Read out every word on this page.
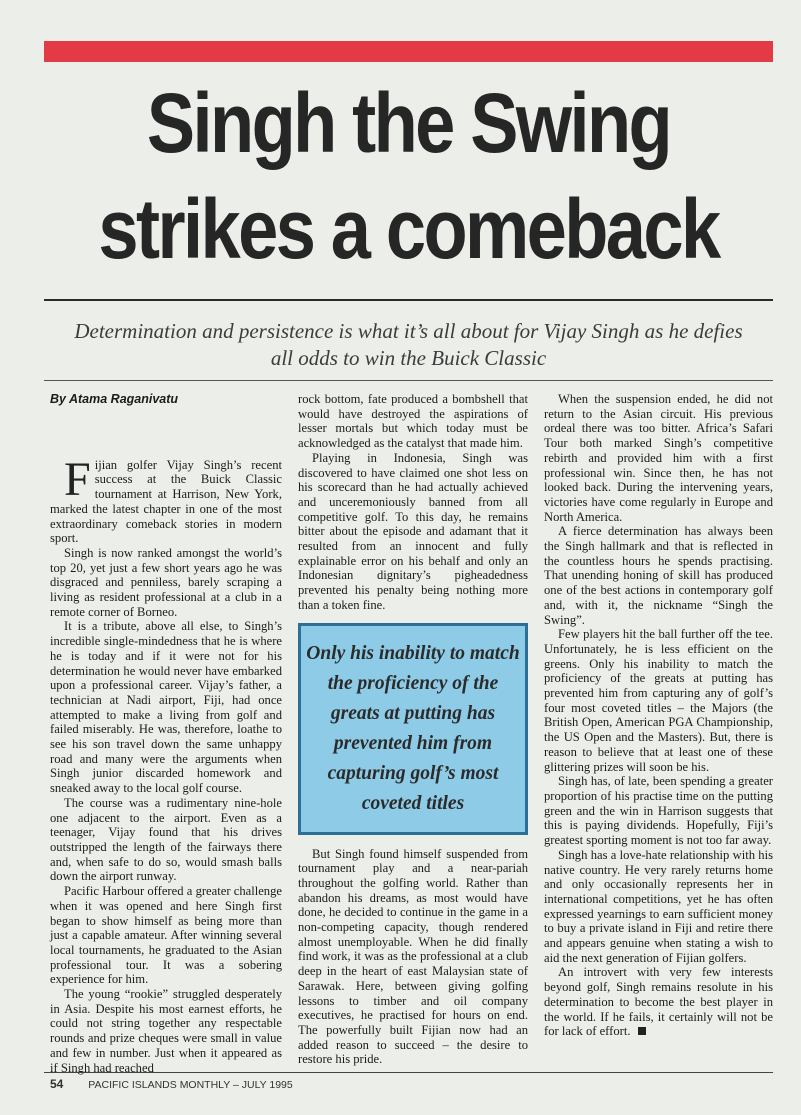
Singh the Swing
strikes a comeback
Determination and persistence is what it’s all about for Vijay Singh as he defies
all odds to win the Buick Classic
By Atama Raganivatu

Fijian golfer Vijay Singh’s recent success at the Buick Classic tournament at Harrison, New York, marked the latest chapter in one of the most extraordinary comeback stories in modern sport.

Singh is now ranked amongst the world’s top 20, yet just a few short years ago he was disgraced and penniless, barely scraping a living as resident professional at a club in a remote corner of Borneo.

It is a tribute, above all else, to Singh’s incredible single-mindedness that he is where he is today and if it were not for his determination he would never have embarked upon a professional career. Vijay’s father, a technician at Nadi airport, Fiji, had once attempted to make a living from golf and failed miserably. He was, therefore, loathe to see his son travel down the same unhappy road and many were the arguments when Singh junior discarded homework and sneaked away to the local golf course.

The course was a rudimentary nine-hole one adjacent to the airport. Even as a teenager, Vijay found that his drives outstripped the length of the fairways there and, when safe to do so, would smash balls down the airport runway.

Pacific Harbour offered a greater challenge when it was opened and here Singh first began to show himself as being more than just a capable amateur. After winning several local tournaments, he graduated to the Asian professional tour. It was a sobering experience for him.

The young “rookie” struggled desperately in Asia. Despite his most earnest efforts, he could not string together any respectable rounds and prize cheques were small in value and few in number. Just when it appeared as if Singh had reached

rock bottom, fate produced a bombshell that would have destroyed the aspirations of lesser mortals but which today must be acknowledged as the catalyst that made him.

Playing in Indonesia, Singh was discovered to have claimed one shot less on his scorecard than he had actually achieved and unceremoniously banned from all competitive golf. To this day, he remains bitter about the episode and adamant that it resulted from an innocent and fully explainable error on his behalf and only an Indonesian dignitary’s pigheadedness prevented his penalty being nothing more than a token fine.

Only his inability to match the proficiency of the greats at putting has prevented him from capturing golf’s most coveted titles

But Singh found himself suspended from tournament play and a near-pariah throughout the golfing world. Rather than abandon his dreams, as most would have done, he decided to continue in the game in a non-competing capacity, though rendered almost unemployable. When he did finally find work, it was as the professional at a club deep in the heart of east Malaysian state of Sarawak. Here, between giving golfing lessons to timber and oil company executives, he practised for hours on end. The powerfully built Fijian now had an added reason to succeed – the desire to restore his pride.

When the suspension ended, he did not return to the Asian circuit. His previous ordeal there was too bitter. Africa’s Safari Tour both marked Singh’s competitive rebirth and provided him with a first professional win. Since then, he has not looked back. During the intervening years, victories have come regularly in Europe and North America.

A fierce determination has always been the Singh hallmark and that is reflected in the countless hours he spends practising. That unending honing of skill has produced one of the best actions in contemporary golf and, with it, the nickname “Singh the Swing”.

Few players hit the ball further off the tee. Unfortunately, he is less efficient on the greens. Only his inability to match the proficiency of the greats at putting has prevented him from capturing any of golf’s four most coveted titles – the Majors (the British Open, American PGA Championship, the US Open and the Masters). But, there is reason to believe that at least one of these glittering prizes will soon be his.

Singh has, of late, been spending a greater proportion of his practise time on the putting green and the win in Harrison suggests that this is paying dividends. Hopefully, Fiji’s greatest sporting moment is not too far away.

Singh has a love-hate relationship with his native country. He very rarely returns home and only occasionally represents her in international competitions, yet he has often expressed yearnings to earn sufficient money to buy a private island in Fiji and retire there and appears genuine when stating a wish to aid the next generation of Fijian golfers.

An introvert with very few interests beyond golf, Singh remains resolute in his determination to become the best player in the world. If he fails, it certainly will not be for lack of effort.

54 PACIFIC ISLANDS MONTHLY – JULY 1995
